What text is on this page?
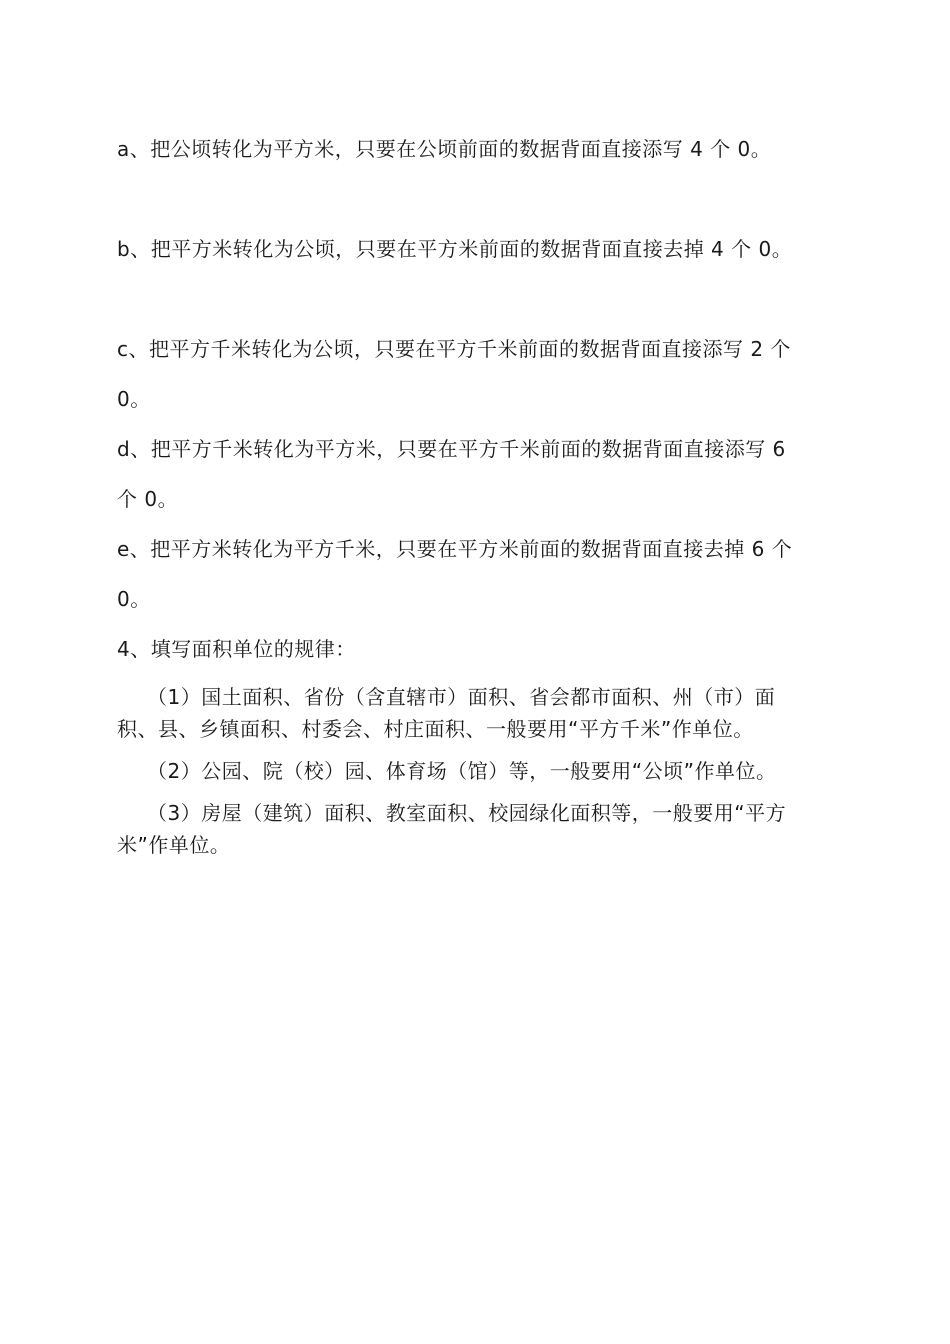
a、把公顷转化为平方米，只要在公顷前面的数据背面直接添写 4 个 0。

b、把平方米转化为公顷，只要在平方米前面的数据背面直接去掉 4 个 0。

c、把平方千米转化为公顷，只要在平方千米前面的数据背面直接添写 2 个 0。

d、把平方千米转化为平方米，只要在平方千米前面的数据背面直接添写 6 个 0。

e、把平方米转化为平方千米，只要在平方米前面的数据背面直接去掉 6 个 0。

4、填写面积单位的规律：

（1）国土面积、省份（含直辖市）面积、省会都市面积、州（市）面积、县、乡镇面积、村委会、村庄面积、一般要用“平方千米”作单位。

（2）公园、院（校）园、体育场（馆）等，一般要用“公顷”作单位。

（3）房屋（建筑）面积、教室面积、校园绿化面积等，一般要用“平方米”作单位。
